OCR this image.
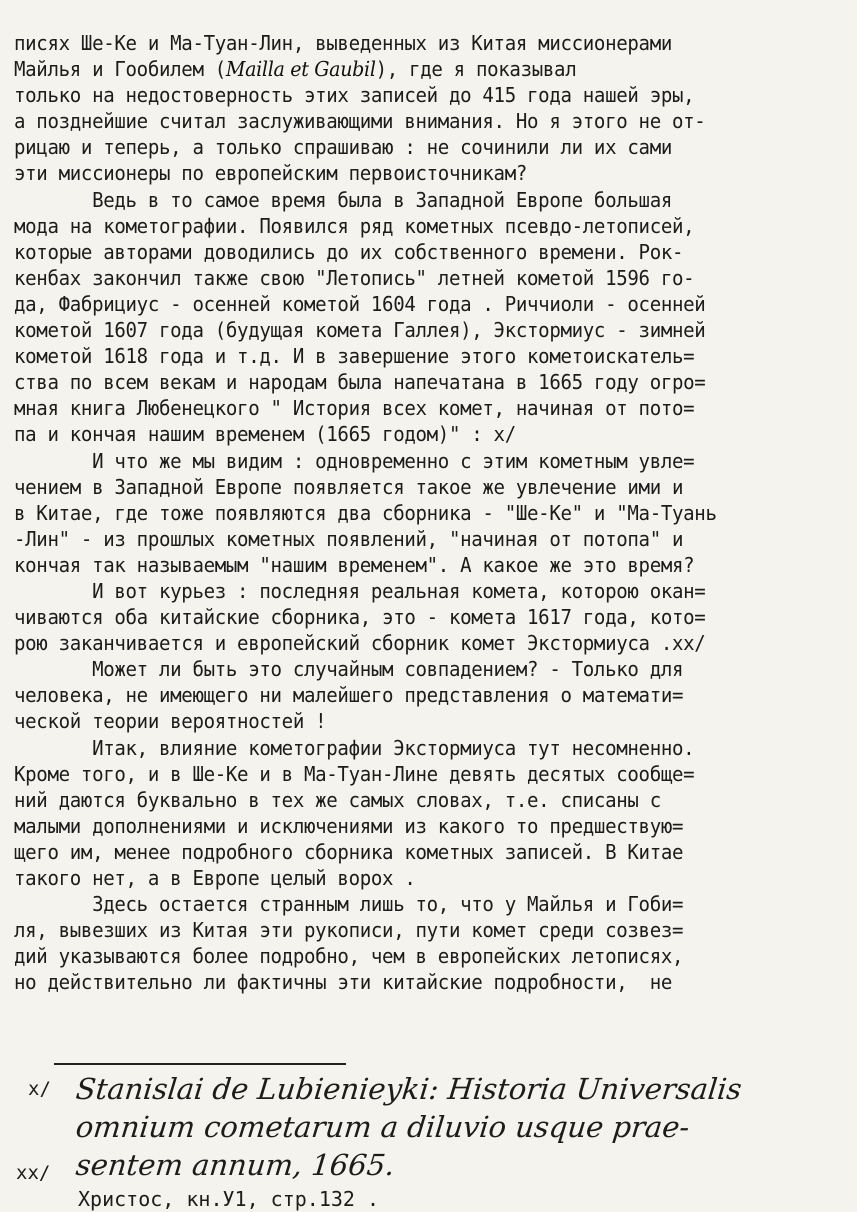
писях Ше-Ке и Ма-Туан-Лин, выведенных из Китая миссионерами
Майлья и Гообилем (Mailla et Gaubil), где я показывал
только на недостоверность этих записей до 415 года нашей эры,
а позднейшие считал заслуживающими внимания. Но я этого не от-
рицаю и теперь, а только спрашиваю : не сочинили ли их сами
эти миссионеры по европейским первоисточникам?
Ведь в то самое время была в Западной Европе большая
мода на кометографии. Появился ряд кометных псевдо-летописей,
которые авторами доводились до их собственного времени. Рок-
кенбах закончил также свою "Летопись" летней кометой 1596 го-
да, Фабрициус - осенней кометой 1604 года . Риччиоли - осенней
кометой 1607 года (будущая комета Галлея), Экстормиус - зимней
кометой 1618 года и т.д. И в завершение этого кометоискатель=
ства по всем векам и народам была напечатана в 1665 году огро=
мная книга Любенецкого " История всех комет, начиная от пото=
па и кончая нашим временем (1665 годом)" : x/
И что же мы видим : одновременно с этим кометным увле=
чением в Западной Европе появляется такое же увлечение ими и
в Китае, где тоже появляются два сборника - "Ше-Ке" и "Ма-Туань
-Лин" - из прошлых кометных появлений, "начиная от потопа" и
кончая так называемым "нашим временем". А какое же это время?
И вот курьез : последняя реальная комета, которою окан=
чиваются оба китайские сборника, это - комета 1617 года, кото=
рою заканчивается и европейский сборник комет Экстормиуса .xx/
Может ли быть это случайным совпадением? - Только для
человека, не имеющего ни малейшего представления о математи=
ческой теории вероятностей !
Итак, влияние кометографии Экстормиуса тут несомненно.
Кроме того, и в Ше-Ке и в Ма-Туан-Лине девять десятых сообще=
ний даются буквально в тех же самых словах, т.е. списаны с
малыми дополнениями и исключениями из какого то предшествую=
щего им, менее подробного сборника кометных записей. В Китае
такого нет, а в Европе целый ворох .
Здесь остается странным лишь то, что у Майлья и Гоби=
ля, вывезших из Китая эти рукописи, пути комет среди созвез=
дий указываются более подробно, чем в европейских летописях,
но действительно ли фактичны эти китайские подробности,  не
x/
xx/
Stanislai de Lubienieyki: Historia Universalis
omnium cometarum a diluvio usque prae-
sentem annum, 1665.
Христос, кн.У1, стр.132 .
